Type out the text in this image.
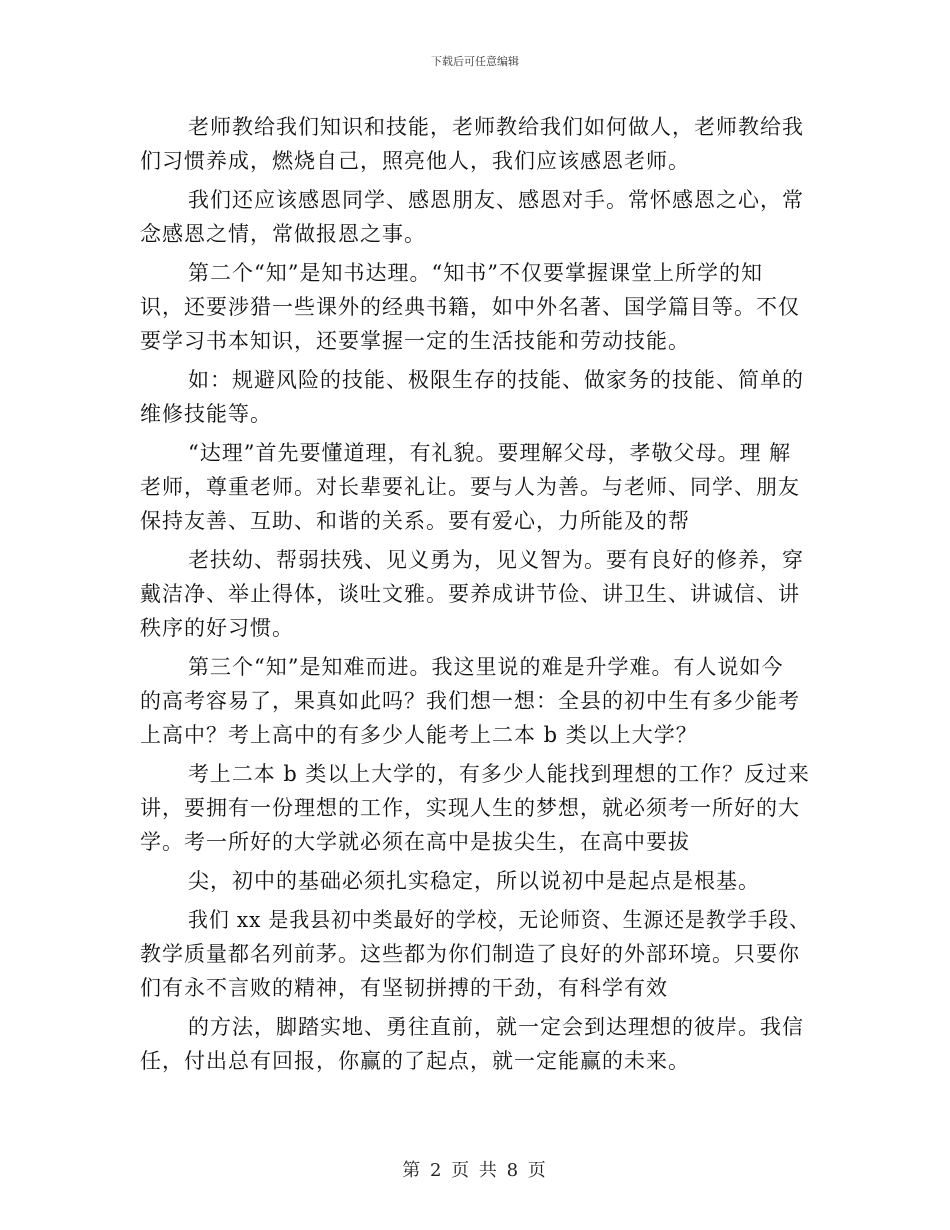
下载后可任意编辑
老师教给我们知识和技能，老师教给我们如何做人，老师教给我
们习惯养成，燃烧自己，照亮他人，我们应该感恩老师。
我们还应该感恩同学、感恩朋友、感恩对手。常怀感恩之心，常
念感恩之情，常做报恩之事。
第二个“知”是知书达理。“知书”不仅要掌握课堂上所学的知
识，还要涉猎一些课外的经典书籍，如中外名著、国学篇目等。不仅
要学习书本知识，还要掌握一定的生活技能和劳动技能。
如：规避风险的技能、极限生存的技能、做家务的技能、简单的
维修技能等。
“达理”首先要懂道理，有礼貌。要理解父母，孝敬父母。理 解
老师，尊重老师。对长辈要礼让。要与人为善。与老师、同学、朋友
保持友善、互助、和谐的关系。要有爱心，力所能及的帮
老扶幼、帮弱扶残、见义勇为，见义智为。要有良好的修养，穿
戴洁净、举止得体，谈吐文雅。要养成讲节俭、讲卫生、讲诚信、讲
秩序的好习惯。
第三个“知”是知难而进。我这里说的难是升学难。有人说如今
的高考容易了，果真如此吗？我们想一想：全县的初中生有多少能考
上高中？考上高中的有多少人能考上二本 b 类以上大学？
考上二本 b 类以上大学的，有多少人能找到理想的工作？反过来
讲，要拥有一份理想的工作，实现人生的梦想，就必须考一所好的大
学。考一所好的大学就必须在高中是拔尖生，在高中要拔
尖，初中的基础必须扎实稳定，所以说初中是起点是根基。
我们 xx 是我县初中类最好的学校，无论师资、生源还是教学手段、
教学质量都名列前茅。这些都为你们制造了良好的外部环境。只要你
们有永不言败的精神，有坚韧拼搏的干劲，有科学有效
的方法，脚踏实地、勇往直前，就一定会到达理想的彼岸。我信
任，付出总有回报，你赢的了起点，就一定能赢的未来。
第 2 页 共 8 页
